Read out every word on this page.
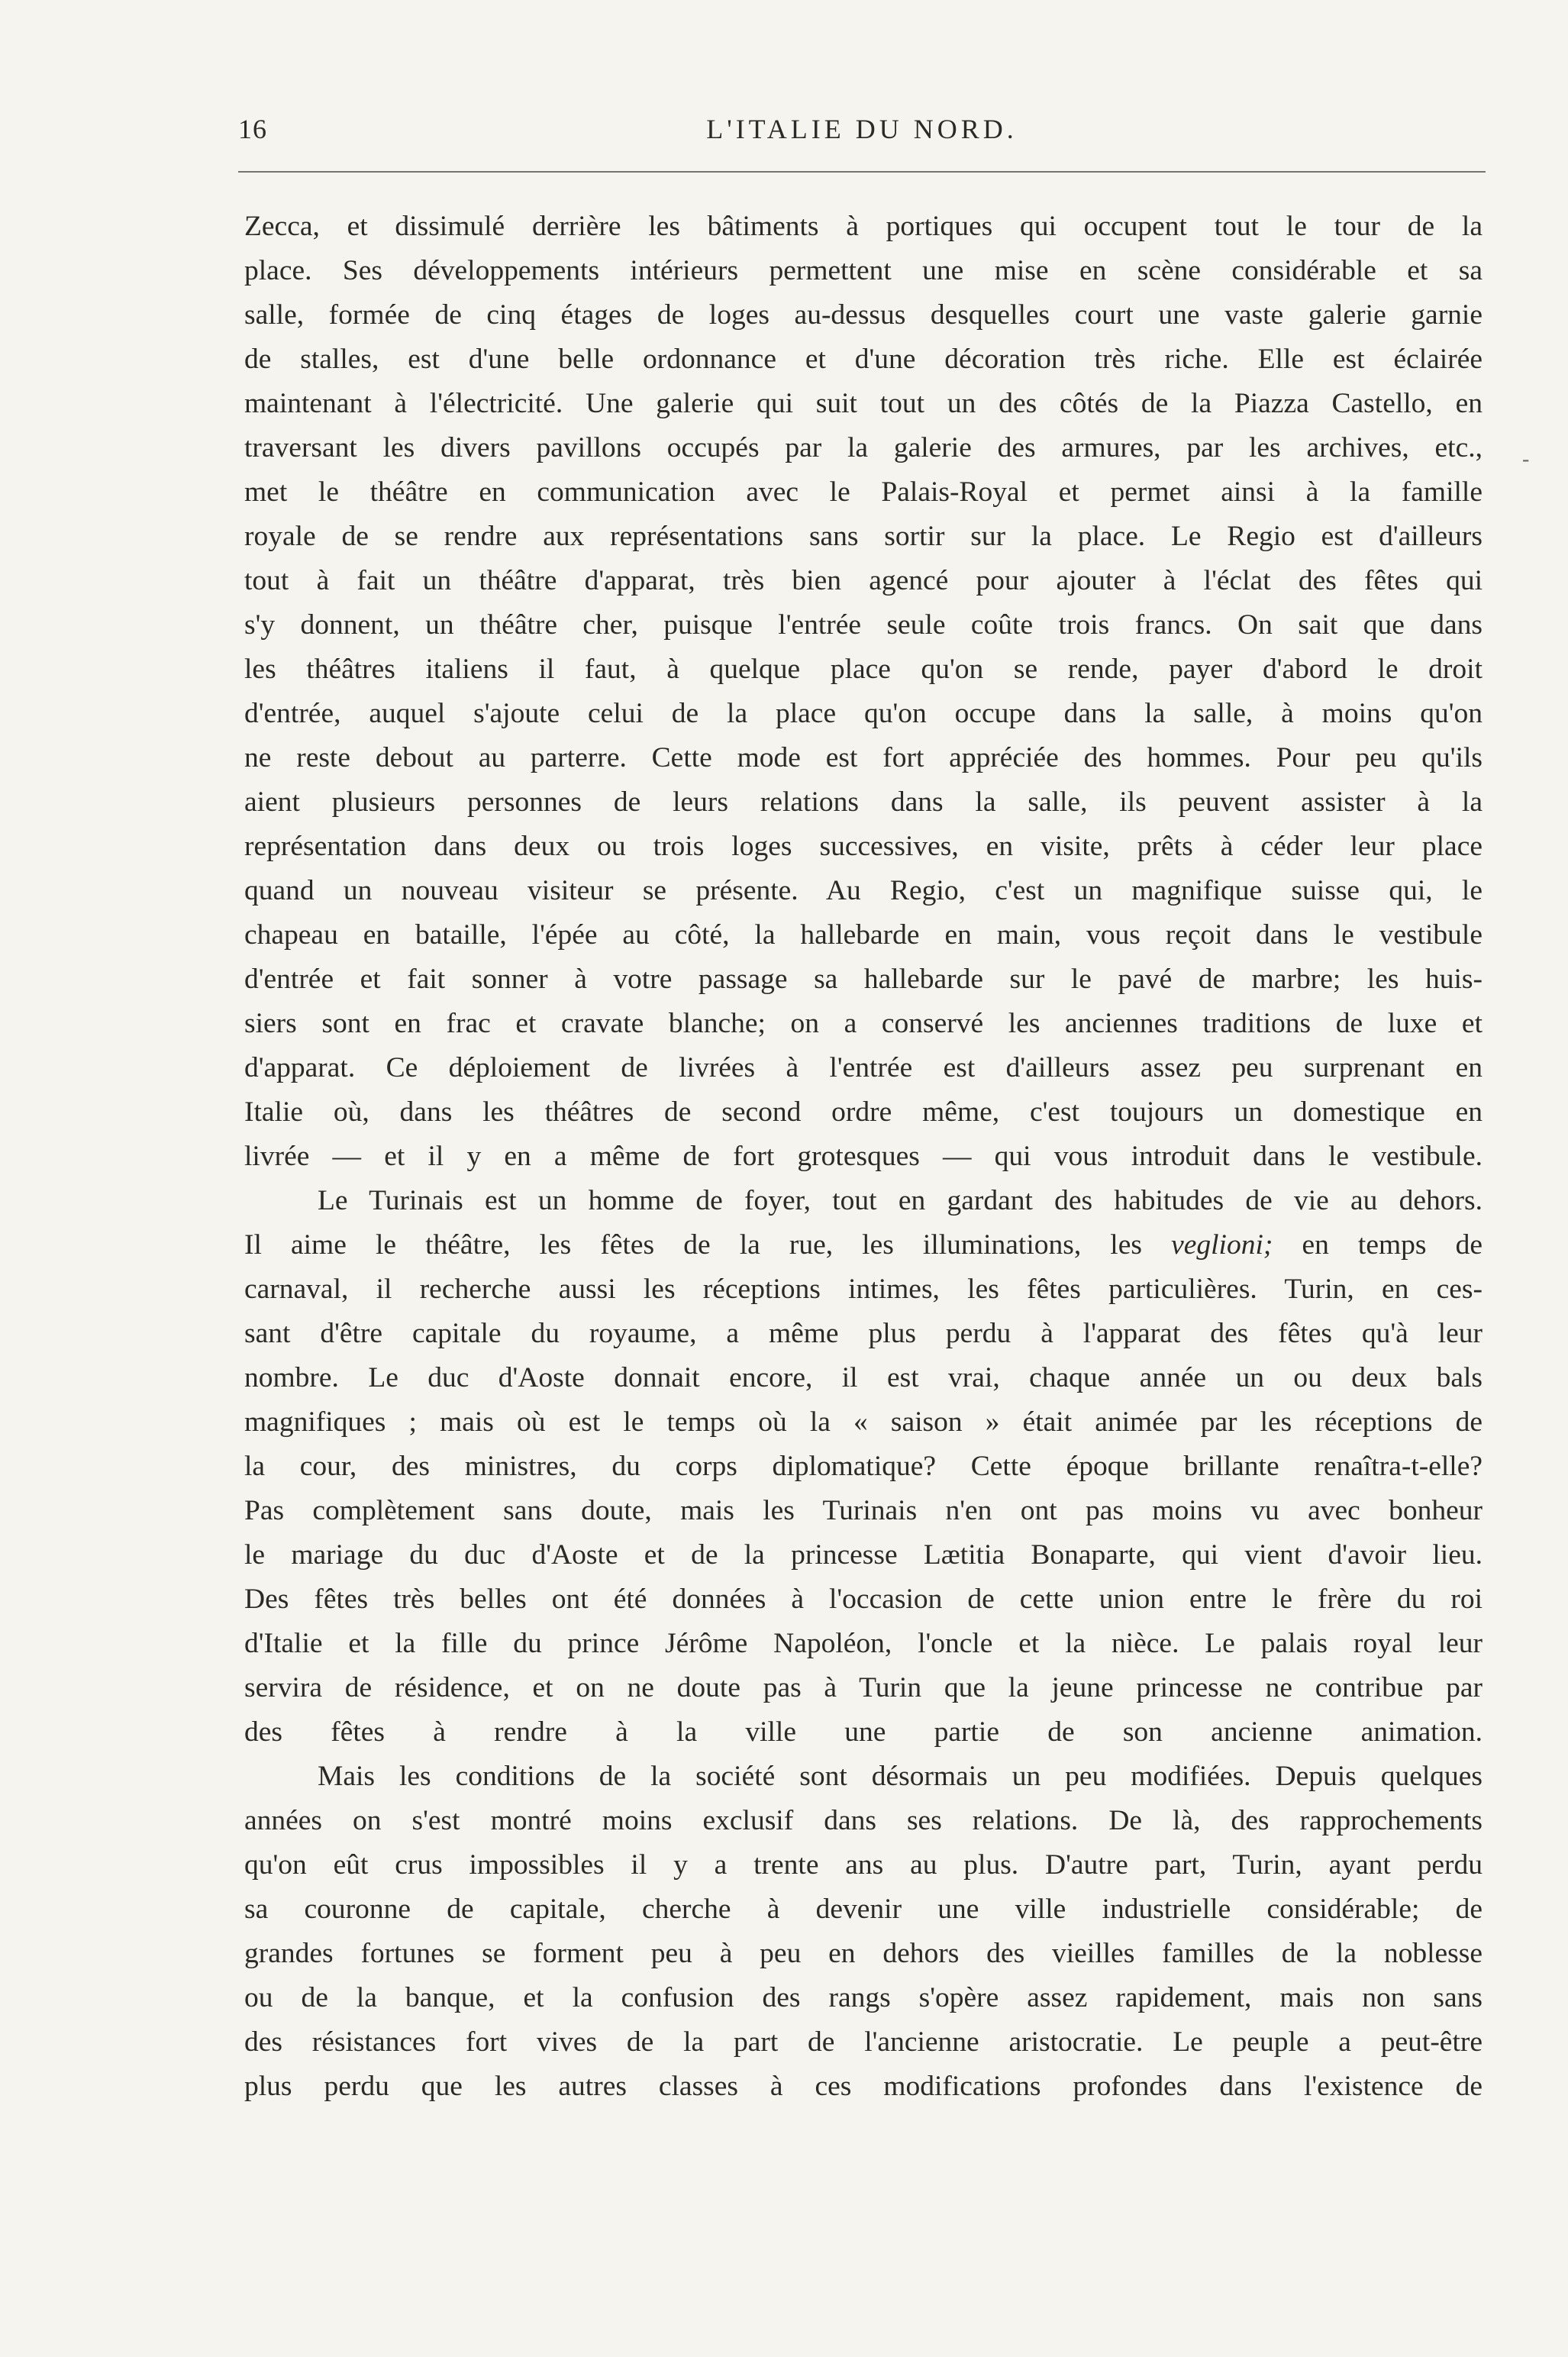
16	L'ITALIE DU NORD.
-
Zecca, et dissimulé derrière les bâtiments à portiques qui occupent tout le tour de la
place. Ses développements intérieurs permettent une mise en scène considérable et sa
salle, formée de cinq étages de loges au-dessus desquelles court une vaste galerie garnie
de stalles, est d'une belle ordonnance et d'une décoration très riche. Elle est éclairée
maintenant à l'électricité. Une galerie qui suit tout un des côtés de la Piazza Castello, en
traversant les divers pavillons occupés par la galerie des armures, par les archives, etc.,
met le théâtre en communication avec le Palais-Royal et permet ainsi à la famille
royale de se rendre aux représentations sans sortir sur la place. Le Regio est d'ailleurs
tout à fait un théâtre d'apparat, très bien agencé pour ajouter à l'éclat des fêtes qui
s'y donnent, un théâtre cher, puisque l'entrée seule coûte trois francs. On sait que dans
les théâtres italiens il faut, à quelque place qu'on se rende, payer d'abord le droit
d'entrée, auquel s'ajoute celui de la place qu'on occupe dans la salle, à moins qu'on
ne reste debout au parterre. Cette mode est fort appréciée des hommes. Pour peu qu'ils
aient plusieurs personnes de leurs relations dans la salle, ils peuvent assister à la
représentation dans deux ou trois loges successives, en visite, prêts à céder leur place
quand un nouveau visiteur se présente. Au Regio, c'est un magnifique suisse qui, le
chapeau en bataille, l'épée au côté, la hallebarde en main, vous reçoit dans le vestibule
d'entrée et fait sonner à votre passage sa hallebarde sur le pavé de marbre; les huis-
siers sont en frac et cravate blanche; on a conservé les anciennes traditions de luxe et
d'apparat. Ce déploiement de livrées à l'entrée est d'ailleurs assez peu surprenant en
Italie où, dans les théâtres de second ordre même, c'est toujours un domestique en
livrée — et il y en a même de fort grotesques — qui vous introduit dans le vestibule.
Le Turinais est un homme de foyer, tout en gardant des habitudes de vie au dehors.
Il aime le théâtre, les fêtes de la rue, les illuminations, les veglioni; en temps de
carnaval, il recherche aussi les réceptions intimes, les fêtes particulières. Turin, en ces-
sant d'être capitale du royaume, a même plus perdu à l'apparat des fêtes qu'à leur
nombre. Le duc d'Aoste donnait encore, il est vrai, chaque année un ou deux bals
magnifiques ; mais où est le temps où la « saison » était animée par les réceptions de
la cour, des ministres, du corps diplomatique? Cette époque brillante renaîtra-t-elle?
Pas complètement sans doute, mais les Turinais n'en ont pas moins vu avec bonheur
le mariage du duc d'Aoste et de la princesse Lætitia Bonaparte, qui vient d'avoir lieu.
Des fêtes très belles ont été données à l'occasion de cette union entre le frère du roi
d'Italie et la fille du prince Jérôme Napoléon, l'oncle et la nièce. Le palais royal leur
servira de résidence, et on ne doute pas à Turin que la jeune princesse ne contribue par
des fêtes à rendre à la ville une partie de son ancienne animation.
Mais les conditions de la société sont désormais un peu modifiées. Depuis quelques
années on s'est montré moins exclusif dans ses relations. De là, des rapprochements
qu'on eût crus impossibles il y a trente ans au plus. D'autre part, Turin, ayant perdu
sa couronne de capitale, cherche à devenir une ville industrielle considérable; de
grandes fortunes se forment peu à peu en dehors des vieilles familles de la noblesse
ou de la banque, et la confusion des rangs s'opère assez rapidement, mais non sans
des résistances fort vives de la part de l'ancienne aristocratie. Le peuple a peut-être
plus perdu que les autres classes à ces modifications profondes dans l'existence de
